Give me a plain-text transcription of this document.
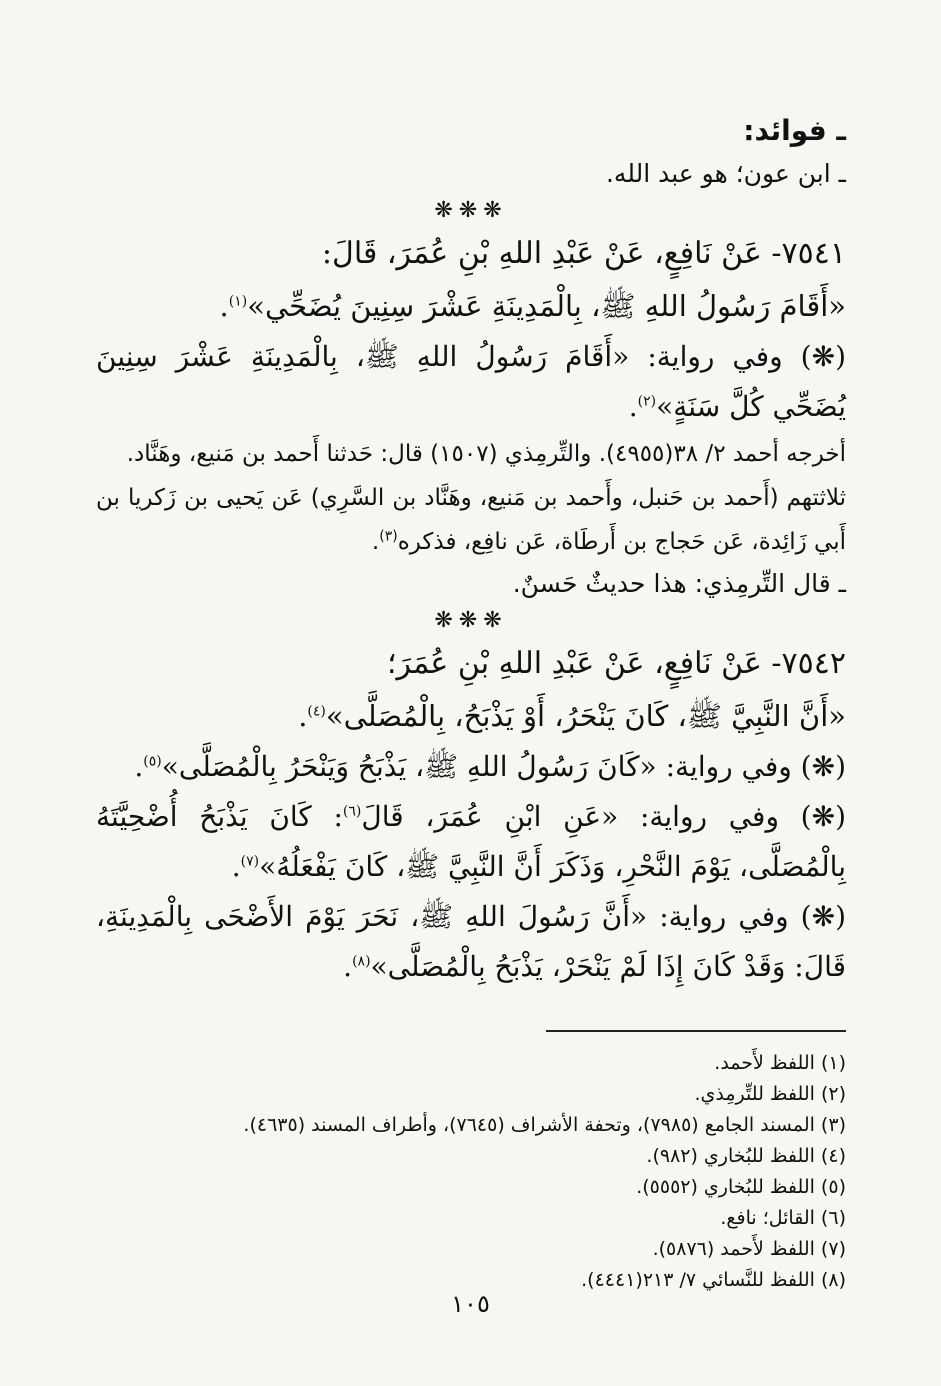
ـ فوائد:

ـ ابن عون؛ هو عبد الله.

❋❋❋

٧٥٤١- عَنْ نَافِعٍ، عَنْ عَبْدِ اللهِ بْنِ عُمَرَ، قَالَ:

«أَقَامَ رَسُولُ اللهِ ﷺ، بِالْمَدِينَةِ عَشْرَ سِنِينَ يُضَحِّي»$^{(١)}$.

(❋) وفي رواية: «أَقَامَ رَسُولُ اللهِ ﷺ، بِالْمَدِينَةِ عَشْرَ سِنِينَ يُضَحِّي كُلَّ سَنَةٍ»$^{(٢)}$.

أخرجه أحمد ٢/ ٣٨(٤٩٥٥). والتِّرمِذي (١٥٠٧) قال: حَدثنا أَحمد بن مَنيع، وهَنَّاد.

ثلاثتهم (أَحمد بن حَنبل، وأَحمد بن مَنيع، وهَنَّاد بن السَّرِي) عَن يَحيى بن زَكريا بن أَبي زَائِدة، عَن حَجاج بن أَرطَاة، عَن نافِع، فذكره$^{(٣)}$.

ـ قال التِّرمِذي: هذا حديثٌ حَسنٌ.

❋❋❋

٧٥٤٢- عَنْ نَافِعٍ، عَنْ عَبْدِ اللهِ بْنِ عُمَرَ؛

«أَنَّ النَّبِيَّ ﷺ، كَانَ يَنْحَرُ، أَوْ يَذْبَحُ، بِالْمُصَلَّى»$^{(٤)}$.

(❋) وفي رواية: «كَانَ رَسُولُ اللهِ ﷺ، يَذْبَحُ وَيَنْحَرُ بِالْمُصَلَّى»$^{(٥)}$.

(❋) وفي رواية: «عَنِ ابْنِ عُمَرَ، قَالَ$^{(٦)}$: كَانَ يَذْبَحُ أُضْحِيَّتَهُ بِالْمُصَلَّى، يَوْمَ النَّحْرِ، وَذَكَرَ أَنَّ النَّبِيَّ ﷺ، كَانَ يَفْعَلُهُ»$^{(٧)}$.

(❋) وفي رواية: «أَنَّ رَسُولَ اللهِ ﷺ، نَحَرَ يَوْمَ الأَضْحَى بِالْمَدِينَةِ، قَالَ: وَقَدْ كَانَ إِذَا لَمْ يَنْحَرْ، يَذْبَحُ بِالْمُصَلَّى»$^{(٨)}$.

(١) اللفظ لأَحمد.

(٢) اللفظ للتِّرمِذي.

(٣) المسند الجامع (٧٩٨٥)، وتحفة الأشراف (٧٦٤٥)، وأطراف المسند (٤٦٣٥).

(٤) اللفظ للبُخاري (٩٨٢).

(٥) اللفظ للبُخاري (٥٥٥٢).

(٦) القائل؛ نافع.

(٧) اللفظ لأَحمد (٥٨٧٦).

(٨) اللفظ للنَّسائي ٧/ ٢١٣(٤٤٤١).

١٠٥
